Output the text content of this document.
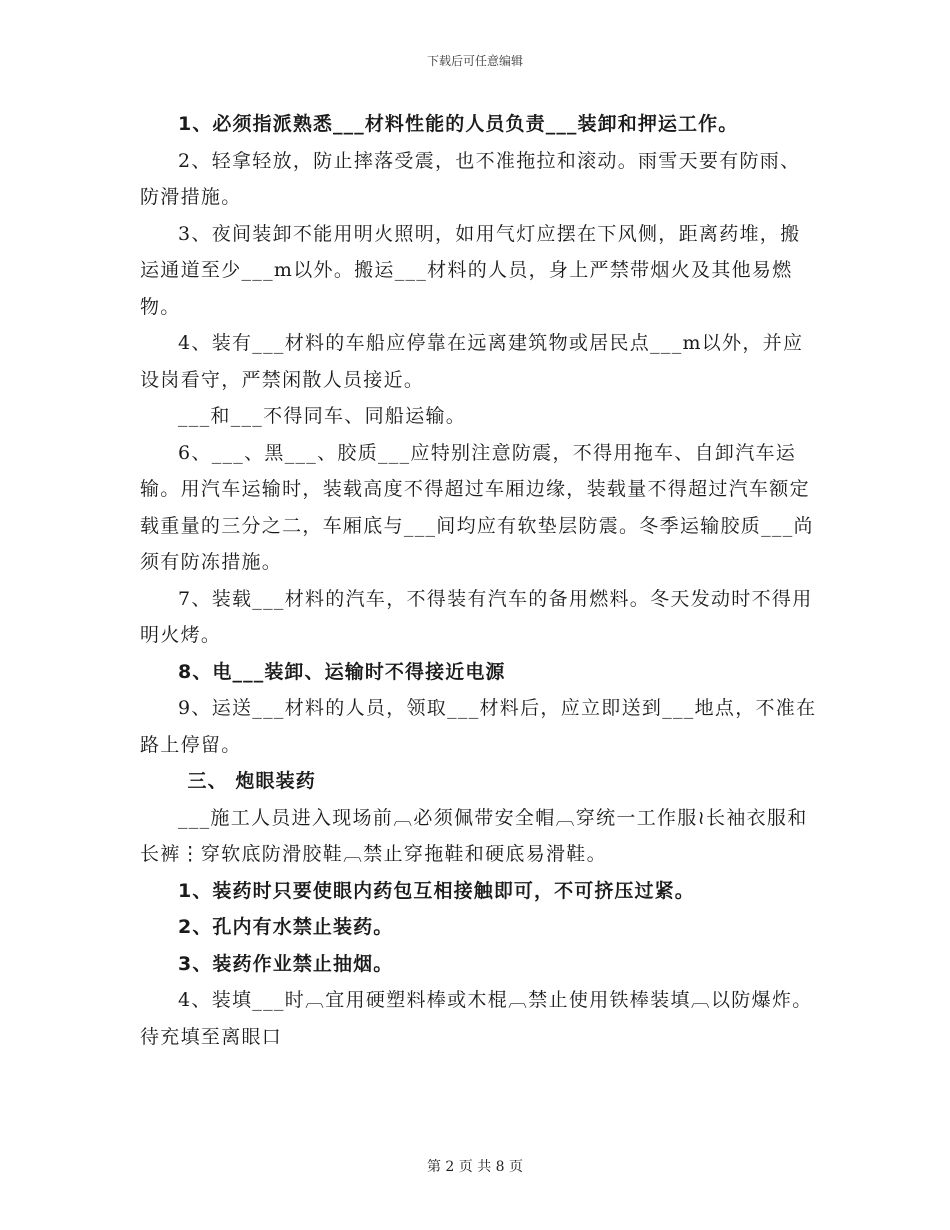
下载后可任意编辑

1、必须指派熟悉___材料性能的人员负责___装卸和押运工作。

2、轻拿轻放，防止摔落受震，也不准拖拉和滚动。雨雪天要有防雨、防滑措施。

3、夜间装卸不能用明火照明，如用气灯应摆在下风侧，距离药堆，搬运通道至少___m以外。搬运___材料的人员，身上严禁带烟火及其他易燃物。

4、装有___材料的车船应停靠在远离建筑物或居民点___m以外，并应设岗看守，严禁闲散人员接近。

___和___不得同车、同船运输。

6、___、黑___、胶质___应特别注意防震，不得用拖车、自卸汽车运输。用汽车运输时，装载高度不得超过车厢边缘，装载量不得超过汽车额定载重量的三分之二，车厢底与___间均应有软垫层防震。冬季运输胶质___尚须有防冻措施。

7、装载___材料的汽车，不得装有汽车的备用燃料。冬天发动时不得用明火烤。

8、电___装卸、运输时不得接近电源

9、运送___材料的人员，领取___材料后，应立即送到___地点，不准在路上停留。

三、 炮眼装药

___施工人员进入现场前︹必须佩带安全帽︹穿统一工作服≀长袖衣服和长裤⋮穿软底防滑胶鞋︹禁止穿拖鞋和硬底易滑鞋。

1、装药时只要使眼内药包互相接触即可，不可挤压过紧。

2、孔内有水禁止装药。

3、装药作业禁止抽烟。

4、装填___时︹宜用硬塑料棒或木棍︹禁止使用铁棒装填︹以防爆炸。待充填至离眼口

第 2 页 共 8 页
